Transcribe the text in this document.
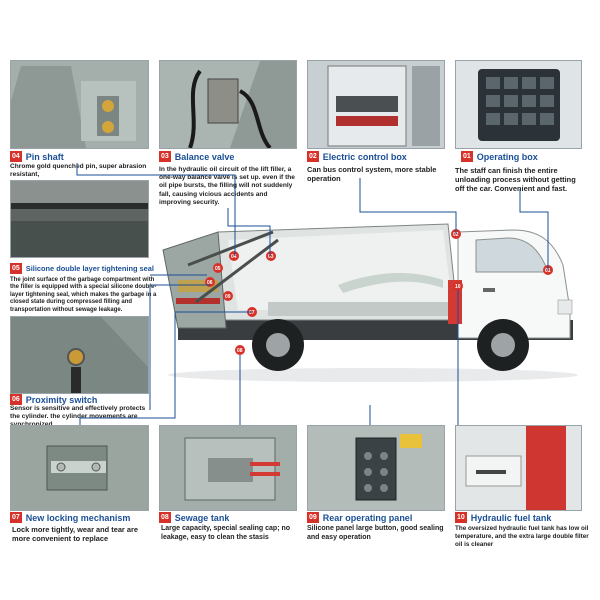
04 Pin shaft
Chrome gold quenched pin, super abrasion resistant,
03 Balance valve
In the hydraulic oil circuit of the lift filler, a one-way balance valve is set up. even if the oil pipe bursts, the filling will not suddenly fall, causing vicious accidents and improving security.
02 Electric control box
Can bus control system, more stable operation
01 Operating box
The staff can finish the entire unloading process without getting off the car. Convenient and fast.
05 Silicone double layer tightening seal
The joint surface of the garbage compartment with the filler is equipped with a special silicone double-layer tightening seal, which makes the garbage in a closed state during compressed filling and transportation without sewage leakage.
06 Proximity switch
Sensor is sensitive and effectively protects the cylinder. the cylinder movements are
01
02
03
04
05
06
07
08
09
10
07 New locking mechanism
Lock more tightly, wear and tear are more convenient to replace
08 Sewage tank
Large capacity, special sealing cap; no leakage, easy to clean the stasis
09 Rear operating panel
Silicone panel large button, good sealing and easy operation
10 Hydraulic fuel tank
The oversized hydraulic fuel tank has low oil temperature, and the extra large double filter oil is cleaner
